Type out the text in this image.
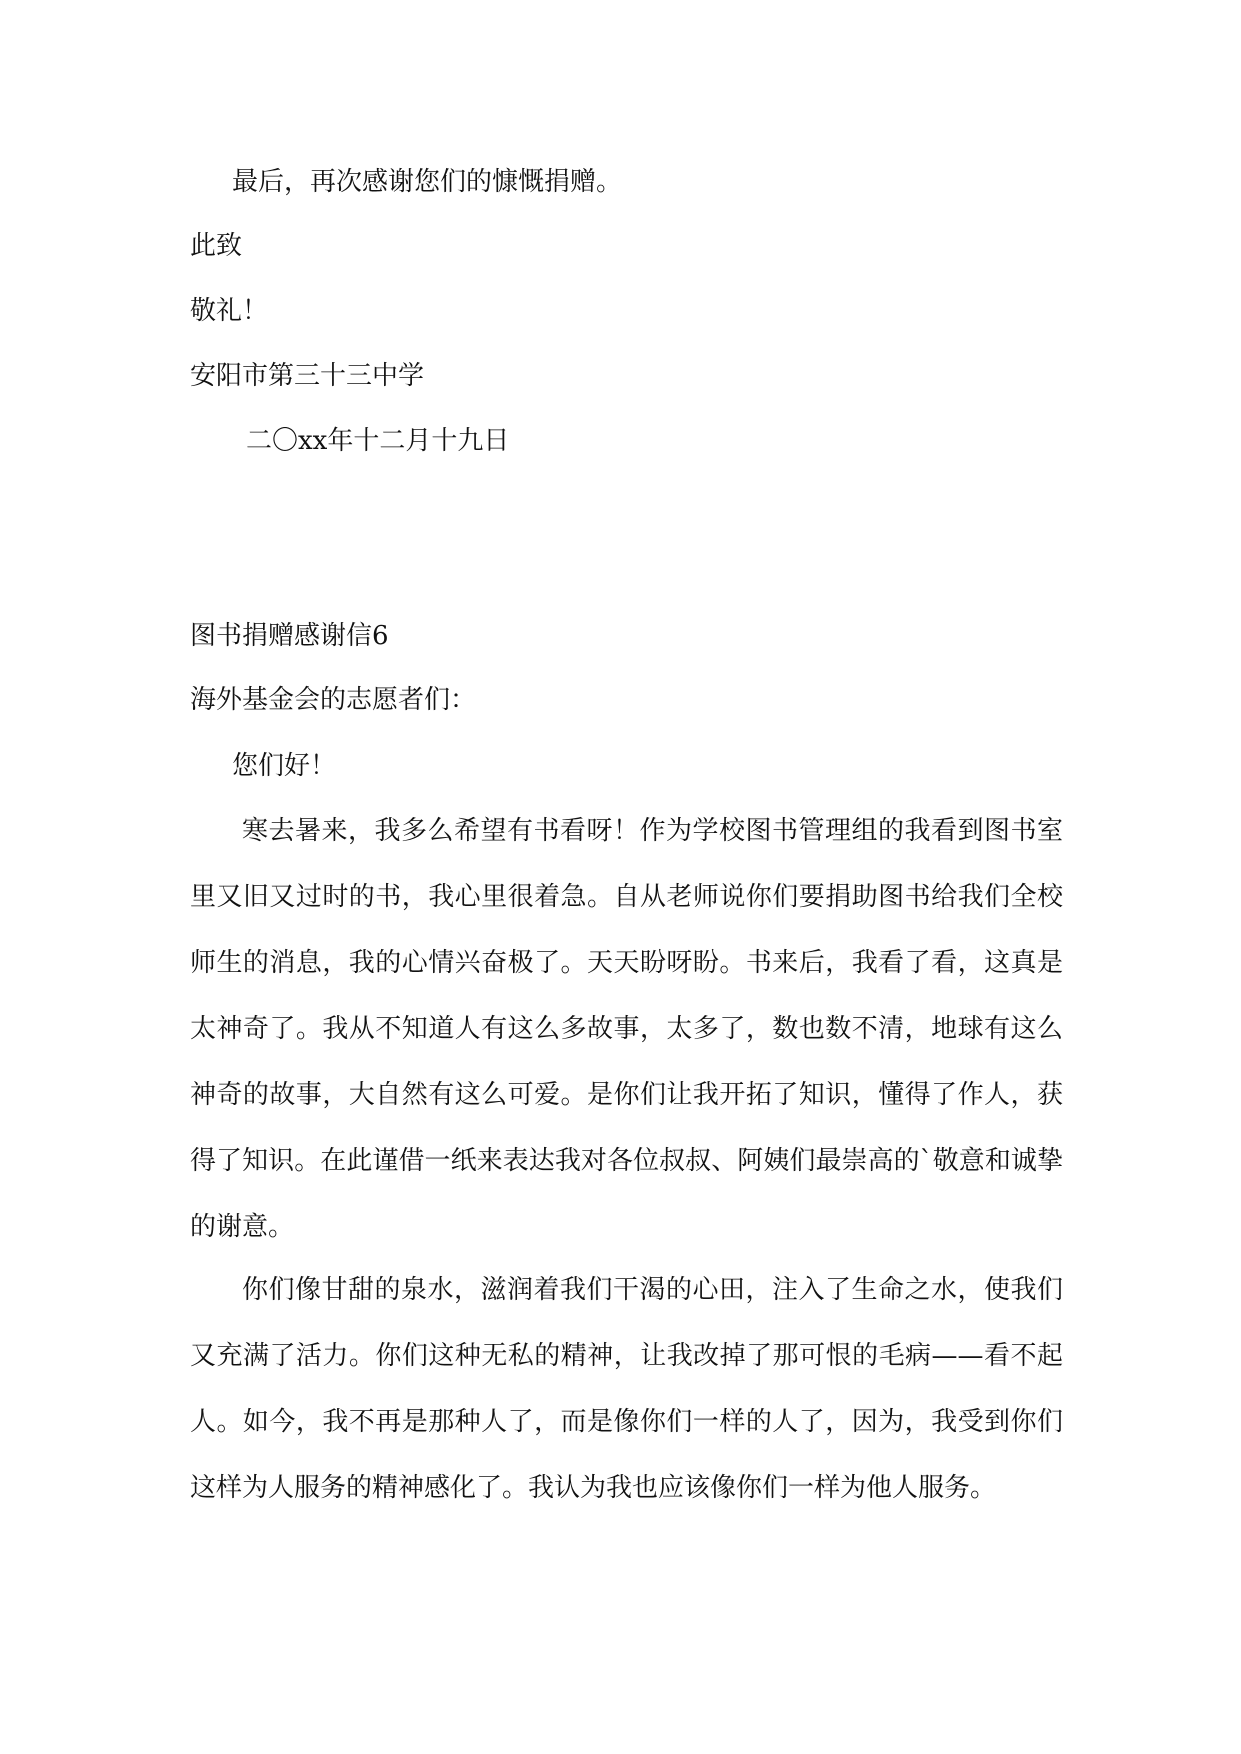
最后，再次感谢您们的慷慨捐赠。
此致
敬礼！
安阳市第三十三中学
二〇xx年十二月十九日
图书捐赠感谢信6
海外基金会的志愿者们：
您们好！
寒去暑来，我多么希望有书看呀！作为学校图书管理组的我看到图书室里又旧又过时的书，我心里很着急。自从老师说你们要捐助图书给我们全校师生的消息，我的心情兴奋极了。天天盼呀盼。书来后，我看了看，这真是太神奇了。我从不知道人有这么多故事，太多了，数也数不清，地球有这么神奇的故事，大自然有这么可爱。是你们让我开拓了知识，懂得了作人，获得了知识。在此谨借一纸来表达我对各位叔叔、阿姨们最崇高的`敬意和诚挚的谢意。
你们像甘甜的泉水，滋润着我们干渴的心田，注入了生命之水，使我们又充满了活力。你们这种无私的精神，让我改掉了那可恨的毛病——看不起人。如今，我不再是那种人了，而是像你们一样的人了，因为，我受到你们这样为人服务的精神感化了。我认为我也应该像你们一样为他人服务。
